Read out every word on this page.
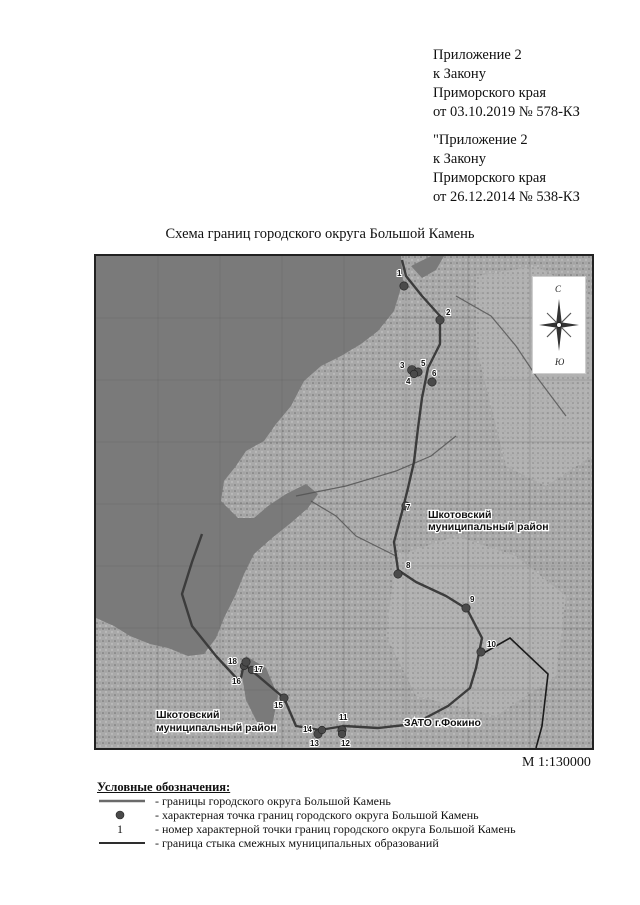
Приложение 2
к Закону
Приморского края
от 03.10.2019 № 578-КЗ
"Приложение 2
к Закону
Приморского края
от 26.12.2014 № 538-КЗ
Схема границ городского округа Большой Камень
1
2
3
4
5
6
7
8
9
10
11
12
13
14
15
16
17
18
Шкотовский
муниципальный район
Шкотовский
муниципальный район	ЗАТО г.Фокино
С
Ю
М 1:130000
Условные обозначения:
- границы городского округа Большой Камень
- характерная точка границ городского округа Большой Камень
1	- номер характерной точки границ городского округа Большой Камень
- граница стыка смежных муниципальных образований
